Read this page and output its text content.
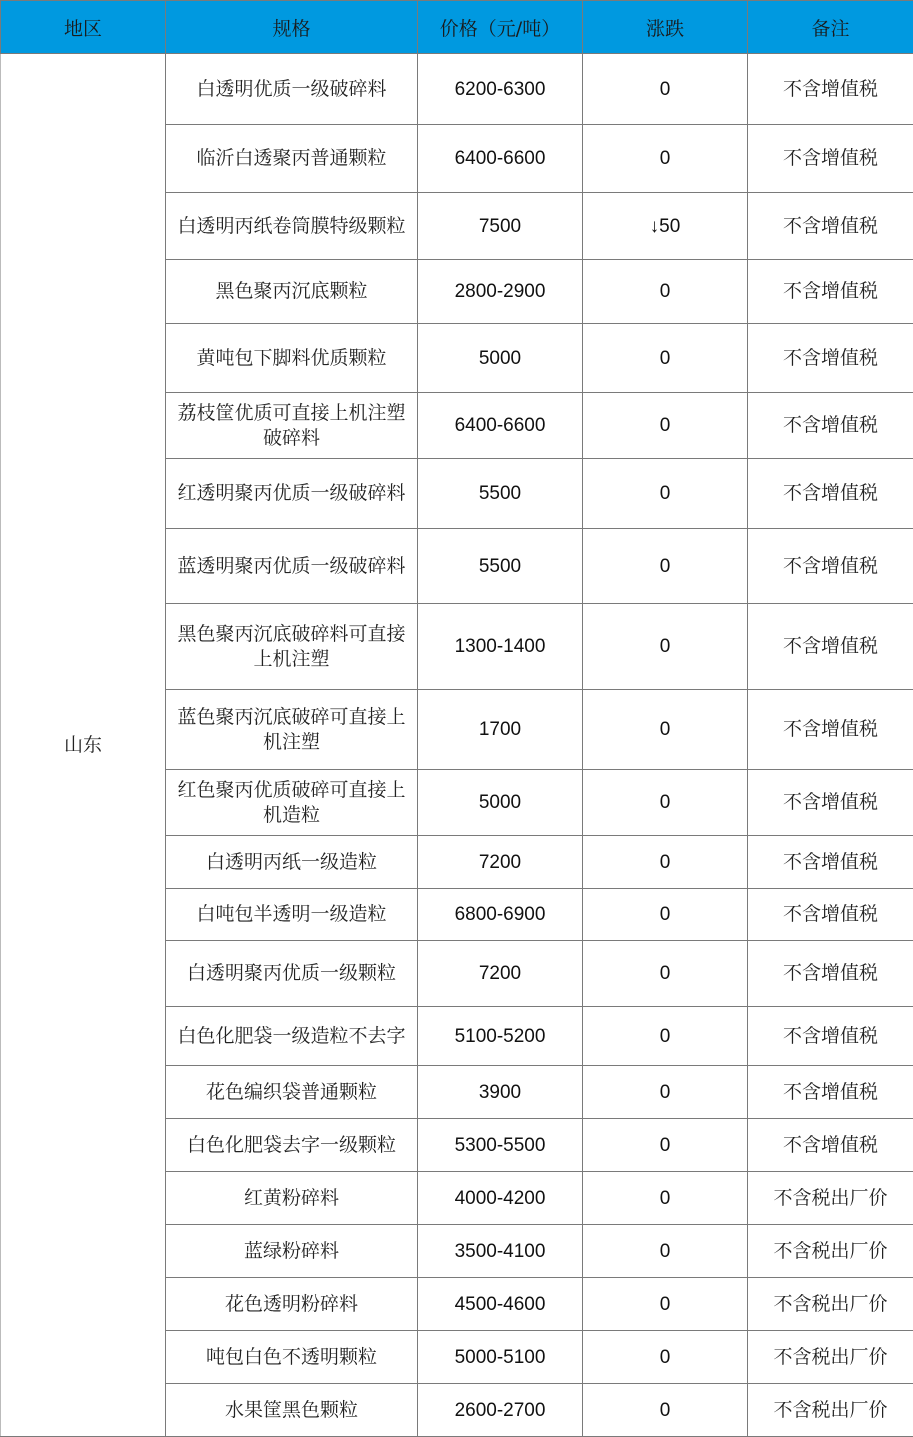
地区	规格	价格（元/吨）	涨跌	备注
山东	白透明优质一级破碎料	6200-6300	0	不含增值税
	临沂白透聚丙普通颗粒	6400-6600	0	不含增值税
	白透明丙纸卷筒膜特级颗粒	7500	↓50	不含增值税
	黑色聚丙沉底颗粒	2800-2900	0	不含增值税
	黄吨包下脚料优质颗粒	5000	0	不含增值税
	荔枝筐优质可直接上机注塑破碎料	6400-6600	0	不含增值税
	红透明聚丙优质一级破碎料	5500	0	不含增值税
	蓝透明聚丙优质一级破碎料	5500	0	不含增值税
	黑色聚丙沉底破碎料可直接上机注塑	1300-1400	0	不含增值税
	蓝色聚丙沉底破碎可直接上机注塑	1700	0	不含增值税
	红色聚丙优质破碎可直接上机造粒	5000	0	不含增值税
	白透明丙纸一级造粒	7200	0	不含增值税
	白吨包半透明一级造粒	6800-6900	0	不含增值税
	白透明聚丙优质一级颗粒	7200	0	不含增值税
	白色化肥袋一级造粒不去字	5100-5200	0	不含增值税
	花色编织袋普通颗粒	3900	0	不含增值税
	白色化肥袋去字一级颗粒	5300-5500	0	不含增值税
	红黄粉碎料	4000-4200	0	不含税出厂价
	蓝绿粉碎料	3500-4100	0	不含税出厂价
	花色透明粉碎料	4500-4600	0	不含税出厂价
	吨包白色不透明颗粒	5000-5100	0	不含税出厂价
	水果筐黑色颗粒	2600-2700	0	不含税出厂价
